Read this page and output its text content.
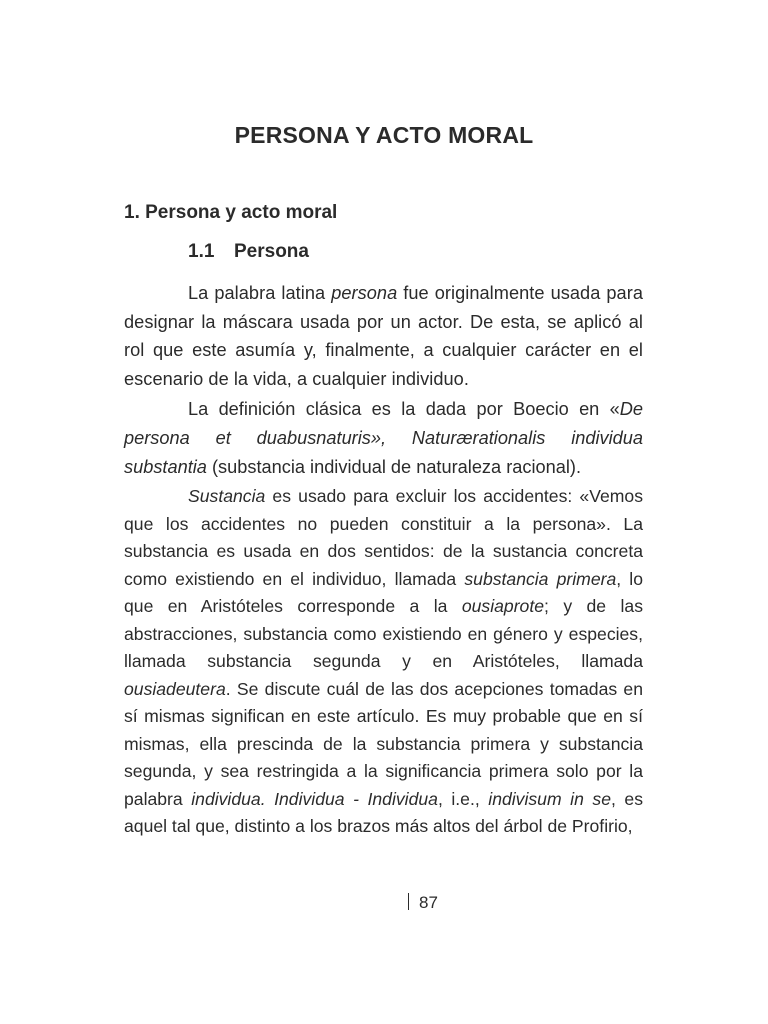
PERSONA Y ACTO MORAL
1. Persona y acto moral
1.1 Persona

La palabra latina persona fue originalmente usada para designar la máscara usada por un actor. De esta, se aplicó al rol que este asumía y, finalmente, a cualquier carácter en el escenario de la vida, a cualquier individuo.

La definición clásica es la dada por Boecio en «De persona et duabusnaturis», Naturærationalis individua substantia (substancia individual de naturaleza racional).

Sustancia es usado para excluir los accidentes: «Vemos que los accidentes no pueden constituir a la persona». La substancia es usada en dos sentidos: de la sustancia concreta como existiendo en el individuo, llamada substancia primera, lo que en Aristóteles corresponde a la ousiaprote; y de las abstracciones, substancia como existiendo en género y especies, llamada substancia segunda y en Aristóteles, llamada ousiadeutera. Se discute cuál de las dos acepciones tomadas en sí mismas significan en este artículo. Es muy probable que en sí mismas, ella prescinda de la substancia primera y substancia segunda, y sea restringida a la significancia primera solo por la palabra individua. Individua - Individua, i.e., indivisum in se, es aquel tal que, distinto a los brazos más altos del árbol de Profirio,

87
